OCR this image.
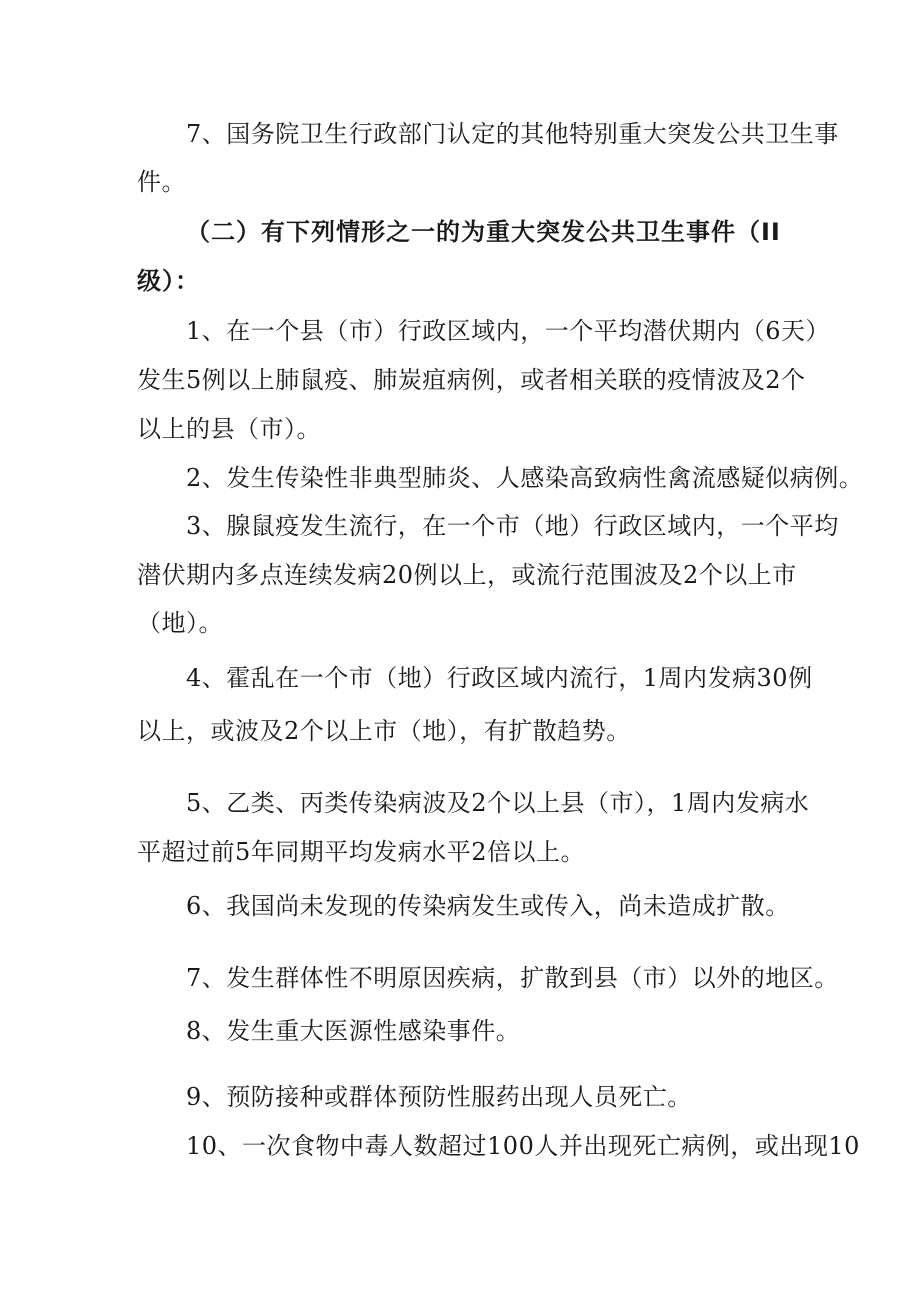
7、国务院卫生行政部门认定的其他特别重大突发公共卫生事
件。
（二）有下列情形之一的为重大突发公共卫生事件（II
级）：
1、在一个县（市）行政区域内，一个平均潜伏期内（6天）
发生5例以上肺鼠疫、肺炭疽病例，或者相关联的疫情波及2个
以上的县（市）。
2、发生传染性非典型肺炎、人感染高致病性禽流感疑似病例。
3、腺鼠疫发生流行，在一个市（地）行政区域内，一个平均
潜伏期内多点连续发病20例以上，或流行范围波及2个以上市
（地）。
4、霍乱在一个市（地）行政区域内流行，1周内发病30例
以上，或波及2个以上市（地），有扩散趋势。
5、乙类、丙类传染病波及2个以上县（市），1周内发病水
平超过前5年同期平均发病水平2倍以上。
6、我国尚未发现的传染病发生或传入，尚未造成扩散。
7、发生群体性不明原因疾病，扩散到县（市）以外的地区。
8、发生重大医源性感染事件。
9、预防接种或群体预防性服药出现人员死亡。
10、一次食物中毒人数超过100人并出现死亡病例，或出现10
